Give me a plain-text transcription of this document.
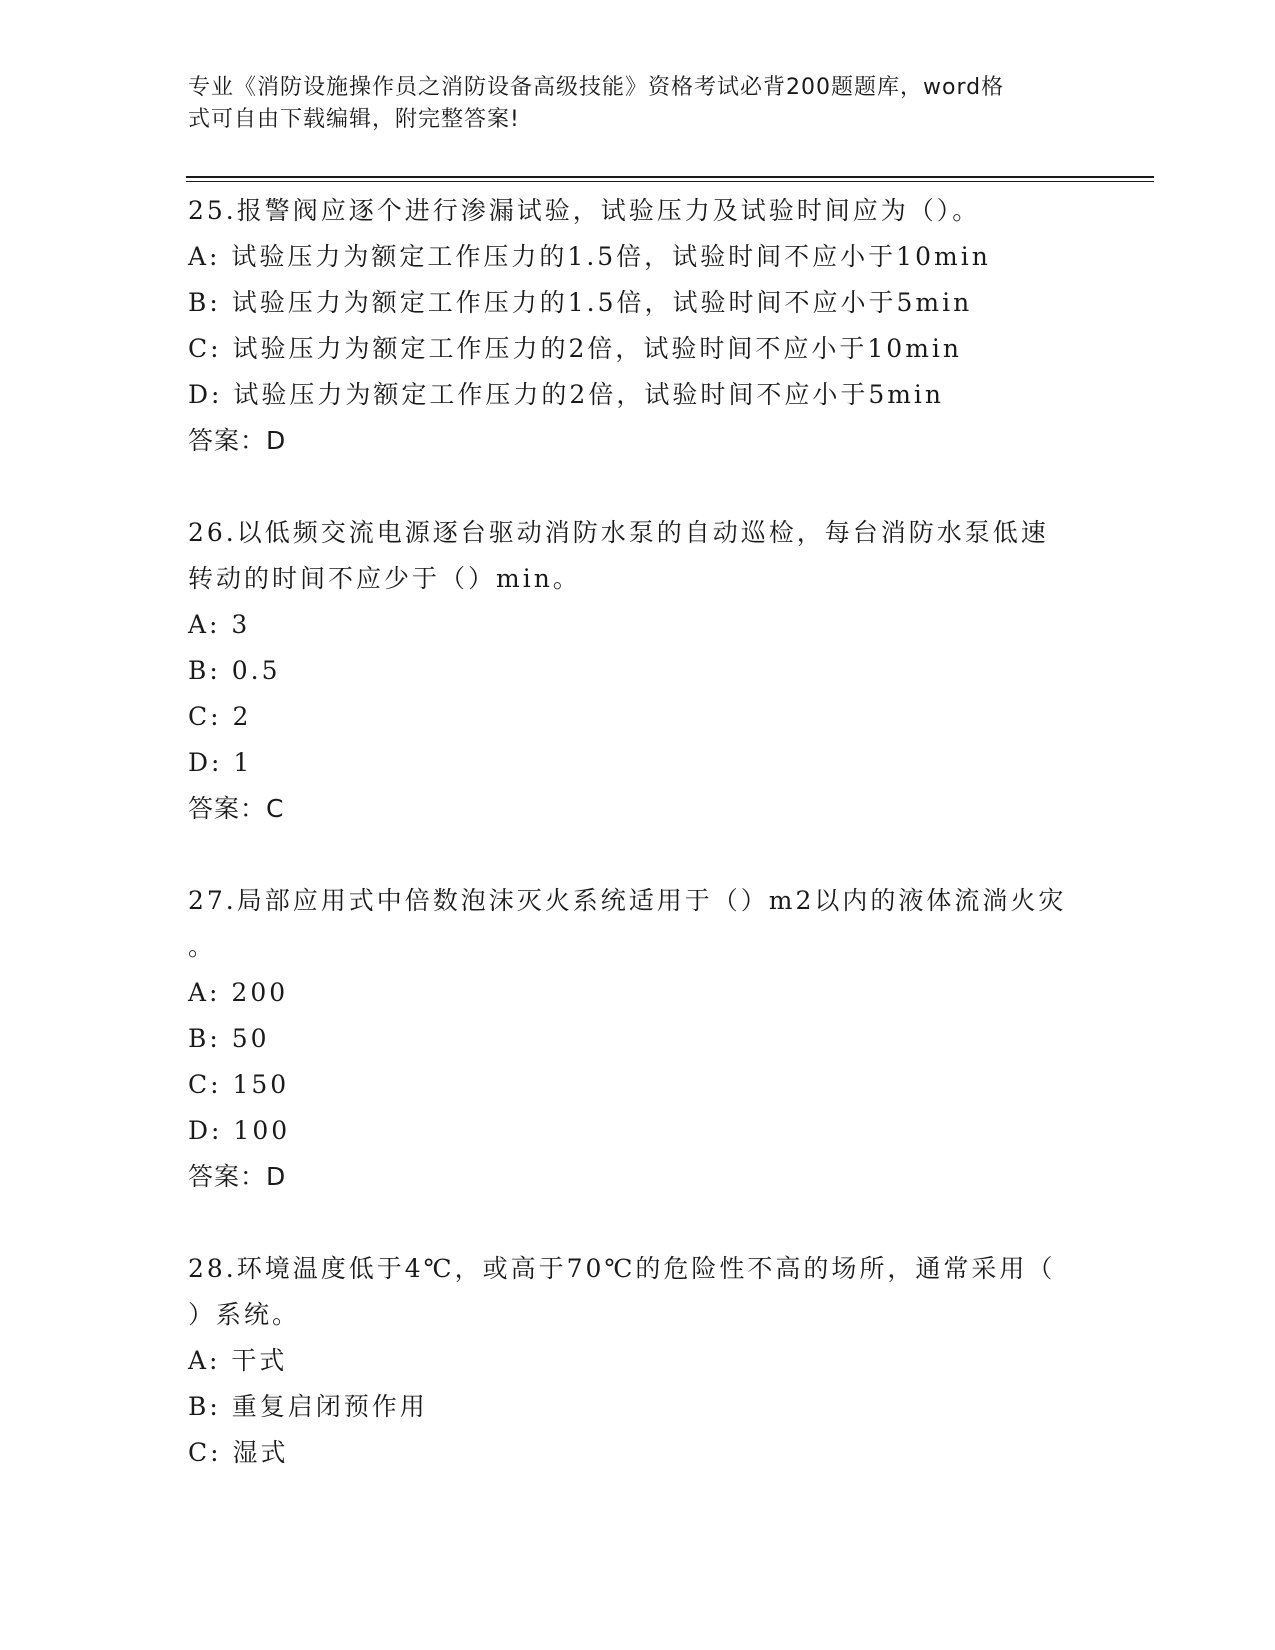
专业《消防设施操作员之消防设备高级技能》资格考试必背200题题库，word格
式可自由下载编辑，附完整答案!
25.报警阀应逐个进行渗漏试验，试验压力及试验时间应为（）。
A: 试验压力为额定工作压力的1.5倍，试验时间不应小于10min
B: 试验压力为额定工作压力的1.5倍，试验时间不应小于5min
C: 试验压力为额定工作压力的2倍，试验时间不应小于10min
D: 试验压力为额定工作压力的2倍，试验时间不应小于5min
答案：D
26.以低频交流电源逐台驱动消防水泵的自动巡检，每台消防水泵低速
转动的时间不应少于（）min。
A: 3
B: 0.5
C: 2
D: 1
答案：C
27.局部应用式中倍数泡沫灭火系统适用于（）m2以内的液体流淌火灾
。
A: 200
B: 50
C: 150
D: 100
答案：D
28.环境温度低于4℃，或高于70℃的危险性不高的场所，通常采用（
）系统。
A: 干式
B: 重复启闭预作用
C: 湿式
